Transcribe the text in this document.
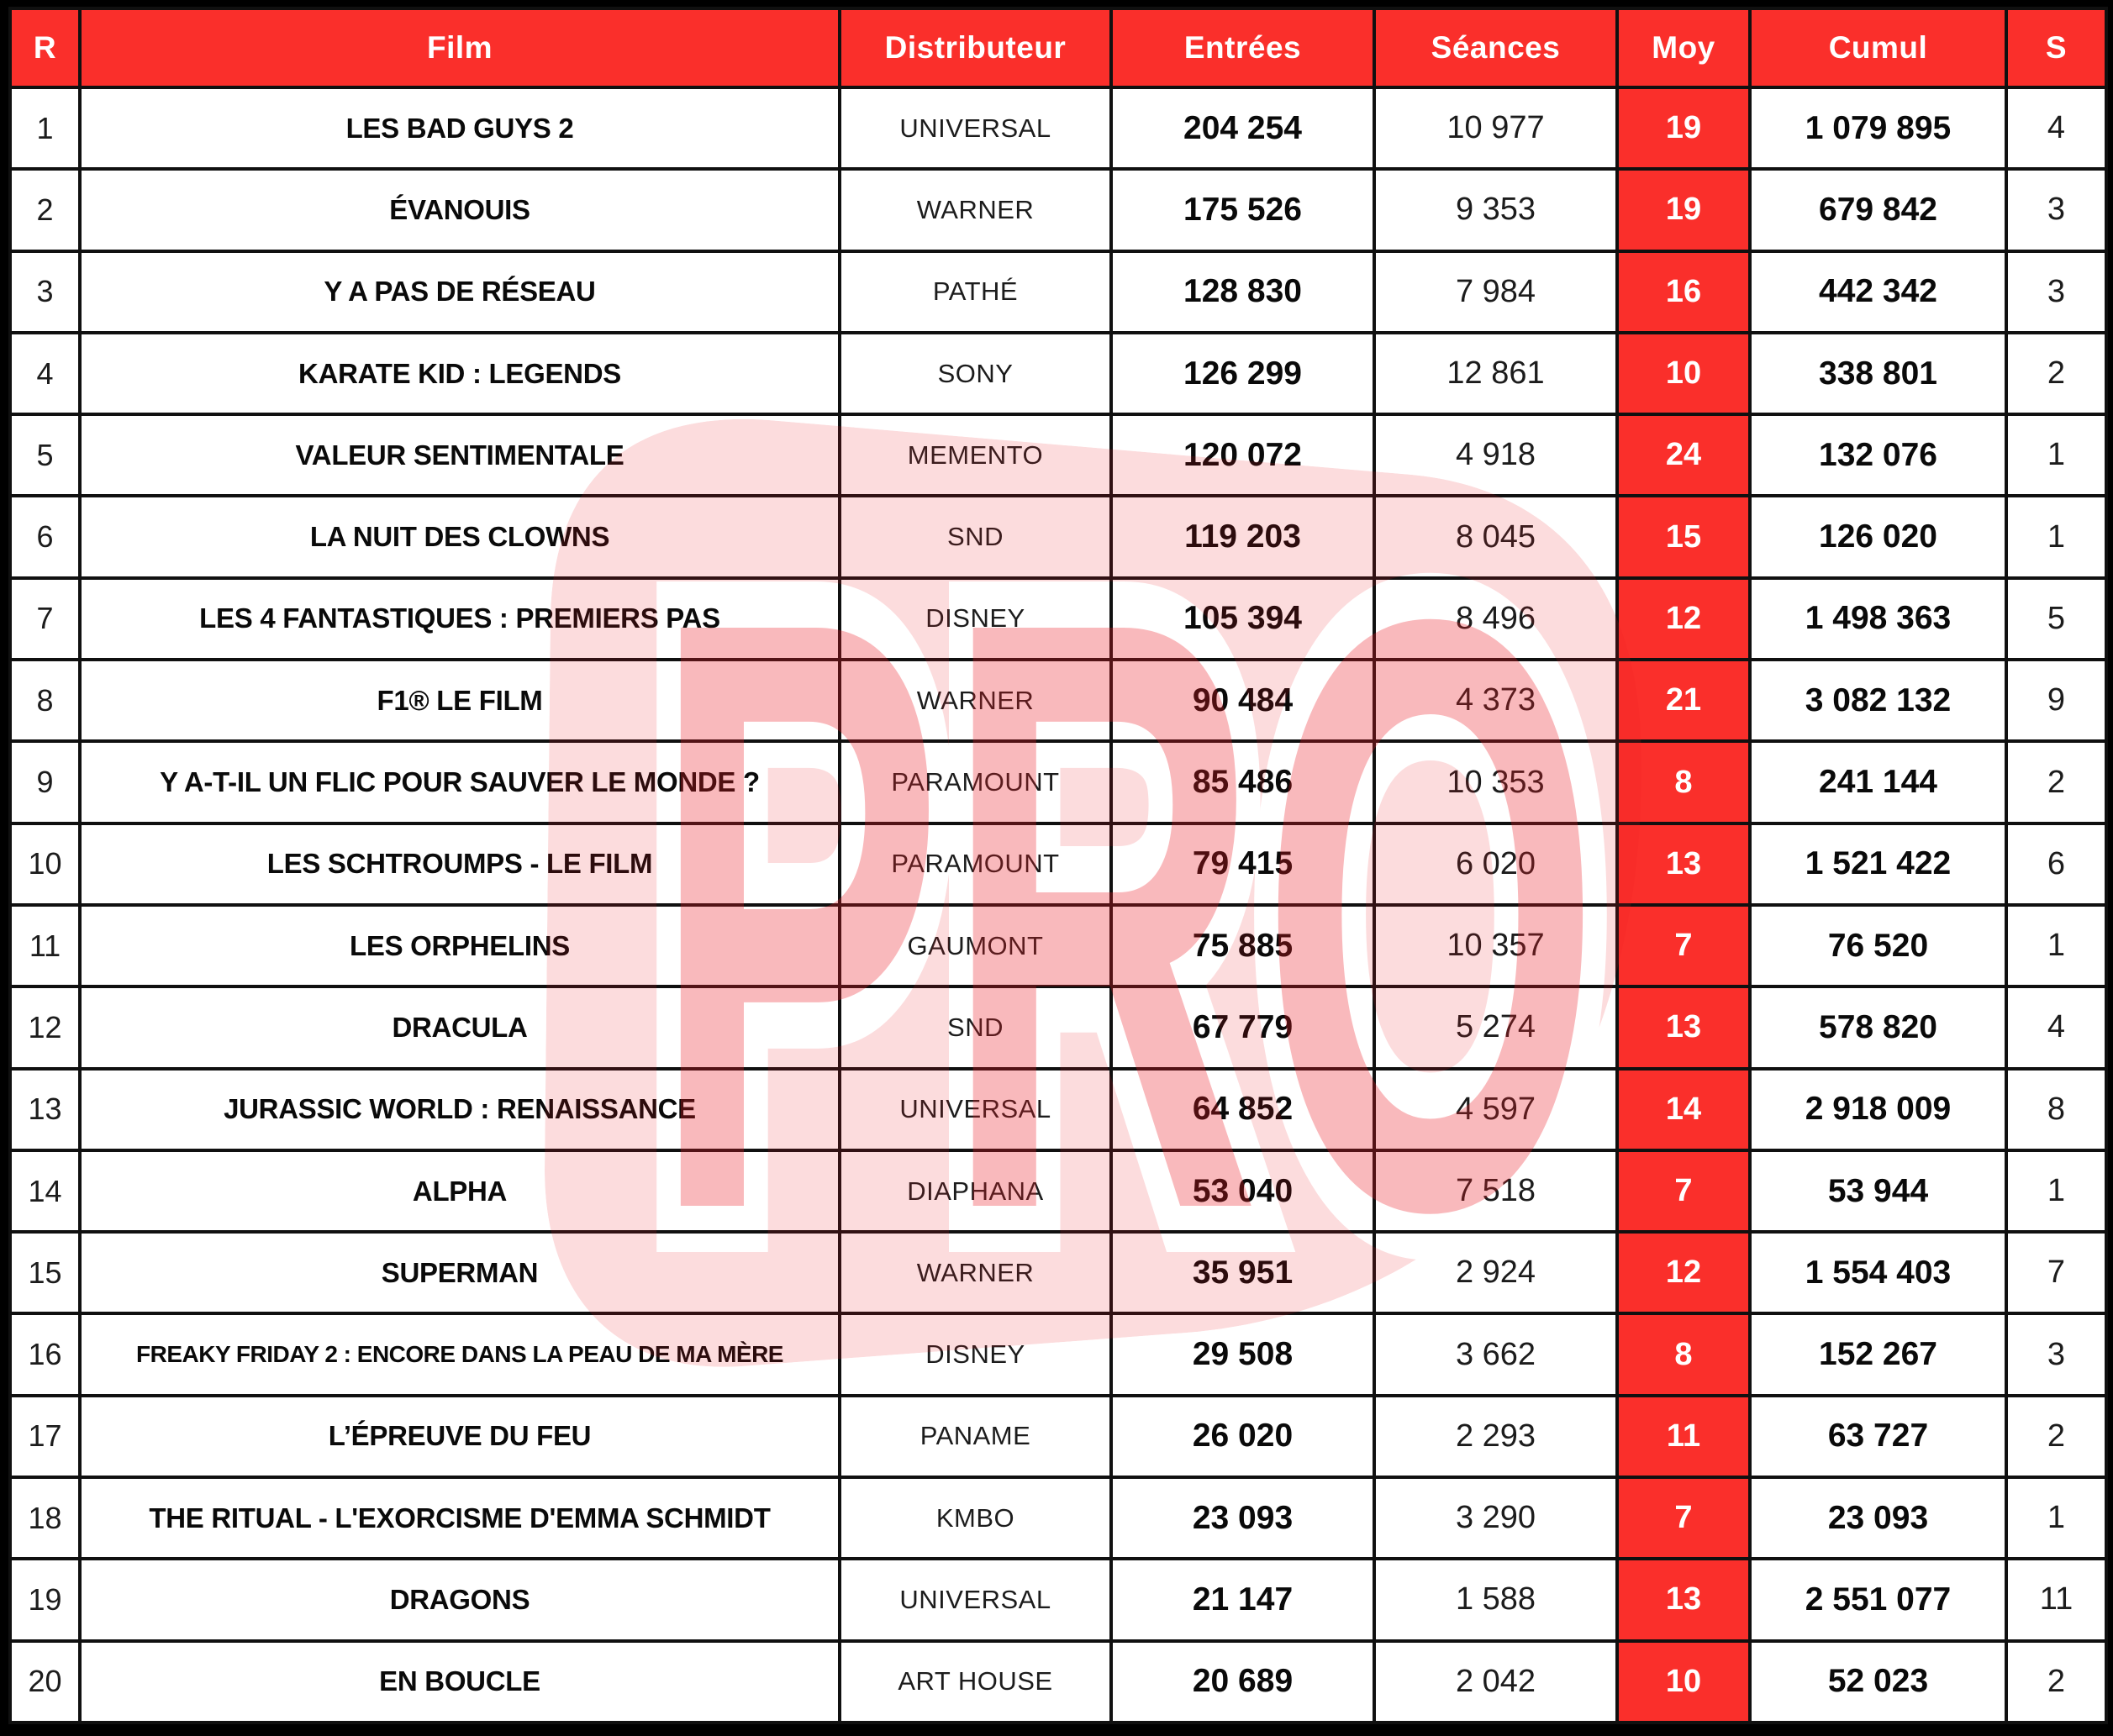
R	Film	Distributeur	Entrées	Séances	Moy	Cumul	S
1	LES BAD GUYS 2	UNIVERSAL	204 254	10 977	19	1 079 895	4
2	ÉVANOUIS	WARNER	175 526	9 353	19	679 842	3
3	Y A PAS DE RÉSEAU	PATHÉ	128 830	7 984	16	442 342	3
4	KARATE KID : LEGENDS	SONY	126 299	12 861	10	338 801	2
5	VALEUR SENTIMENTALE	MEMENTO	120 072	4 918	24	132 076	1
6	LA NUIT DES CLOWNS	SND	119 203	8 045	15	126 020	1
7	LES 4 FANTASTIQUES : PREMIERS PAS	DISNEY	105 394	8 496	12	1 498 363	5
8	F1® LE FILM	WARNER	90 484	4 373	21	3 082 132	9
9	Y A-T-IL UN FLIC POUR SAUVER LE MONDE ?	PARAMOUNT	85 486	10 353	8	241 144	2
10	LES SCHTROUMPS - LE FILM	PARAMOUNT	79 415	6 020	13	1 521 422	6
11	LES ORPHELINS	GAUMONT	75 885	10 357	7	76 520	1
12	DRACULA	SND	67 779	5 274	13	578 820	4
13	JURASSIC WORLD : RENAISSANCE	UNIVERSAL	64 852	4 597	14	2 918 009	8
14	ALPHA	DIAPHANA	53 040	7 518	7	53 944	1
15	SUPERMAN	WARNER	35 951	2 924	12	1 554 403	7
16	FREAKY FRIDAY 2 : ENCORE DANS LA PEAU DE MA MÈRE	DISNEY	29 508	3 662	8	152 267	3
17	L’ÉPREUVE DU FEU	PANAME	26 020	2 293	11	63 727	2
18	THE RITUAL - L'EXORCISME D'EMMA SCHMIDT	KMBO	23 093	3 290	7	23 093	1
19	DRAGONS	UNIVERSAL	21 147	1 588	13	2 551 077	11
20	EN BOUCLE	ART HOUSE	20 689	2 042	10	52 023	2
PRO
